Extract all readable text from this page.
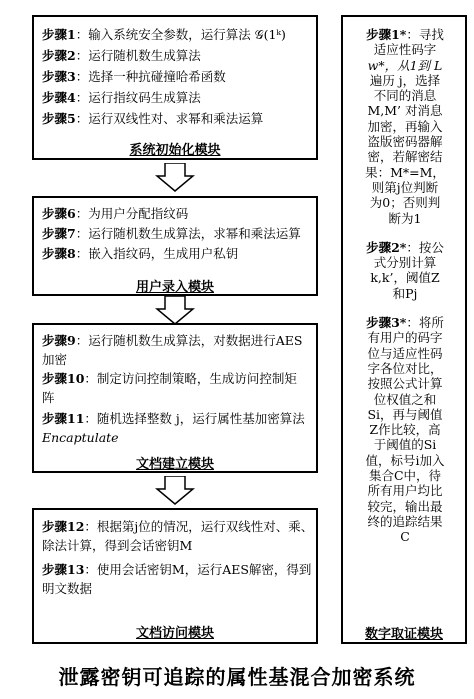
步骤1：输入系统安全参数，运行算法 𝒢(1ᵏ)

步骤2：运行随机数生成算法

步骤3：选择一种抗碰撞哈希函数

步骤4：运行指纹码生成算法

步骤5：运行双线性对、求幂和乘法运算

系统初始化模块

步骤6：为用户分配指纹码

步骤7：运行随机数生成算法，求幂和乘法运算

步骤8：嵌入指纹码，生成用户私钥

用户录入模块

步骤9：运行随机数生成算法，对数据进行AES

加密

步骤10：制定访问控制策略，生成访问控制矩

阵

步骤11：随机选择整数 j，运行属性基加密算法

Encaptulate

文档建立模块

步骤12：根据第j位的情况，运行双线性对、乘、

除法计算，得到会话密钥M

步骤13：使用会话密钥M，运行AES解密，得到

明文数据

文档访问模块

步骤1*：寻找
适应性码字
w*，从1到 L
遍历 j，选择
不同的消息
M,M’ 对消息
加密，再输入
盗版密码器解
密，若解密结
果：M*=M，
则第j位判断
为0；否则判
断为1

步骤2*：按公
式分别计算
k,k’，阈值Z
和Pj

步骤3*：将所
有用户的码字
位与适应性码
字各位对比，
按照公式计算
位权值之和
Si，再与阈值
Z作比较，高
于阈值的Si
值，标号i加入
集合C中，待
所有用户均比
较完，输出最
终的追踪结果
C

数字取证模块
泄露密钥可追踪的属性基混合加密系统
